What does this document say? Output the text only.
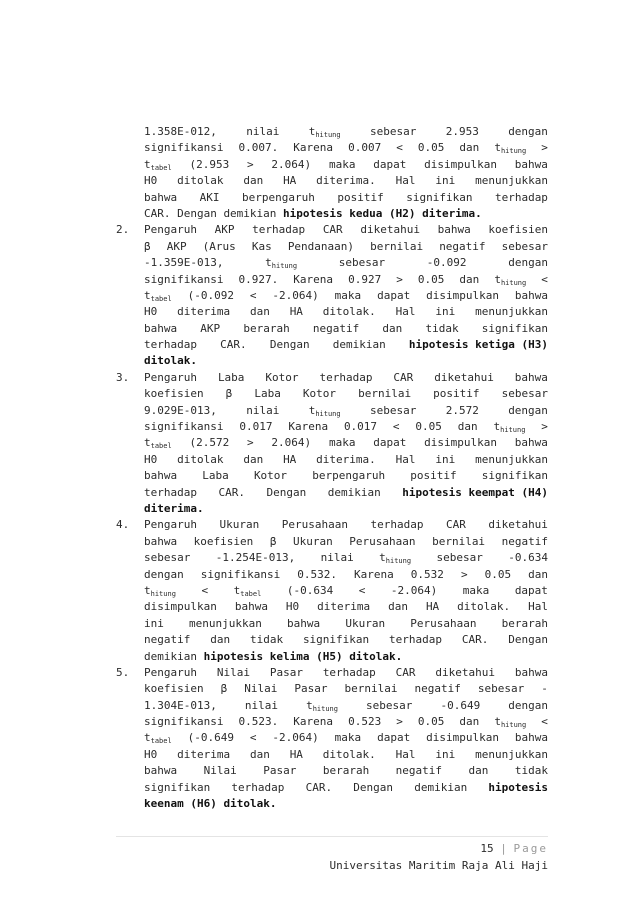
1.358E-012,	nilai	$t_{hitung}$	sebesar	2.953	dengan
signifikansi 0.007. Karena 0.007 < 0.05 dan $t_{hitung}$ >
$t_{tabel}$ (2.953 > 2.064) maka dapat disimpulkan bahwa
H0 ditolak dan HA diterima. Hal ini menunjukkan
bahwa AKI berpengaruh positif signifikan terhadap
CAR. Dengan demikian hipotesis kedua (H2) diterima.
2. Pengaruh AKP terhadap CAR diketahui bahwa koefisien
β AKP (Arus Kas Pendanaan) bernilai negatif sebesar
-1.359E-013,	$t_{hitung}$	sebesar	-0.092	dengan
signifikansi 0.927. Karena 0.927 > 0.05 dan $t_{hitung}$ <
$t_{tabel}$ (-0.092 < -2.064) maka dapat disimpulkan bahwa
H0 diterima dan HA ditolak. Hal ini menunjukkan
bahwa AKP berarah negatif dan tidak signifikan
terhadap CAR. Dengan demikian hipotesis ketiga (H3)
ditolak.
3. Pengaruh Laba Kotor terhadap CAR diketahui bahwa
koefisien β Laba Kotor bernilai positif sebesar
9.029E-013,	nilai	$t_{hitung}$	sebesar	2.572	dengan
signifikansi 0.017 Karena 0.017 < 0.05 dan $t_{hitung}$ >
$t_{tabel}$ (2.572 > 2.064) maka dapat disimpulkan bahwa
H0 ditolak dan HA diterima. Hal ini menunjukkan
bahwa Laba Kotor berpengaruh positif signifikan
terhadap CAR. Dengan demikian hipotesis keempat (H4)
diterima.
4. Pengaruh Ukuran Perusahaan terhadap CAR diketahui
bahwa koefisien β Ukuran Perusahaan bernilai negatif
sebesar -1.254E-013, nilai $t_{hitung}$ sebesar -0.634
dengan signifikansi 0.532. Karena 0.532 > 0.05 dan
$t_{hitung} < t_{tabel}$ (-0.634 < -2.064) maka dapat
disimpulkan bahwa H0 diterima dan HA ditolak. Hal
ini menunjukkan bahwa Ukuran Perusahaan berarah
negatif dan tidak signifikan terhadap CAR. Dengan
demikian hipotesis kelima (H5) ditolak.
5. Pengaruh Nilai Pasar terhadap CAR diketahui bahwa
koefisien β Nilai Pasar bernilai negatif sebesar -
1.304E-013,	nilai	$t_{hitung}$	sebesar	-0.649	dengan
signifikansi 0.523. Karena 0.523 > 0.05 dan $t_{hitung}$ <
$t_{tabel}$ (-0.649 < -2.064) maka dapat disimpulkan bahwa
H0 diterima dan HA ditolak. Hal ini menunjukkan
bahwa Nilai Pasar berarah negatif dan tidak
signifikan terhadap CAR. Dengan demikian hipotesis
keenam (H6) ditolak.
15 | Page
Universitas Maritim Raja Ali Haji
